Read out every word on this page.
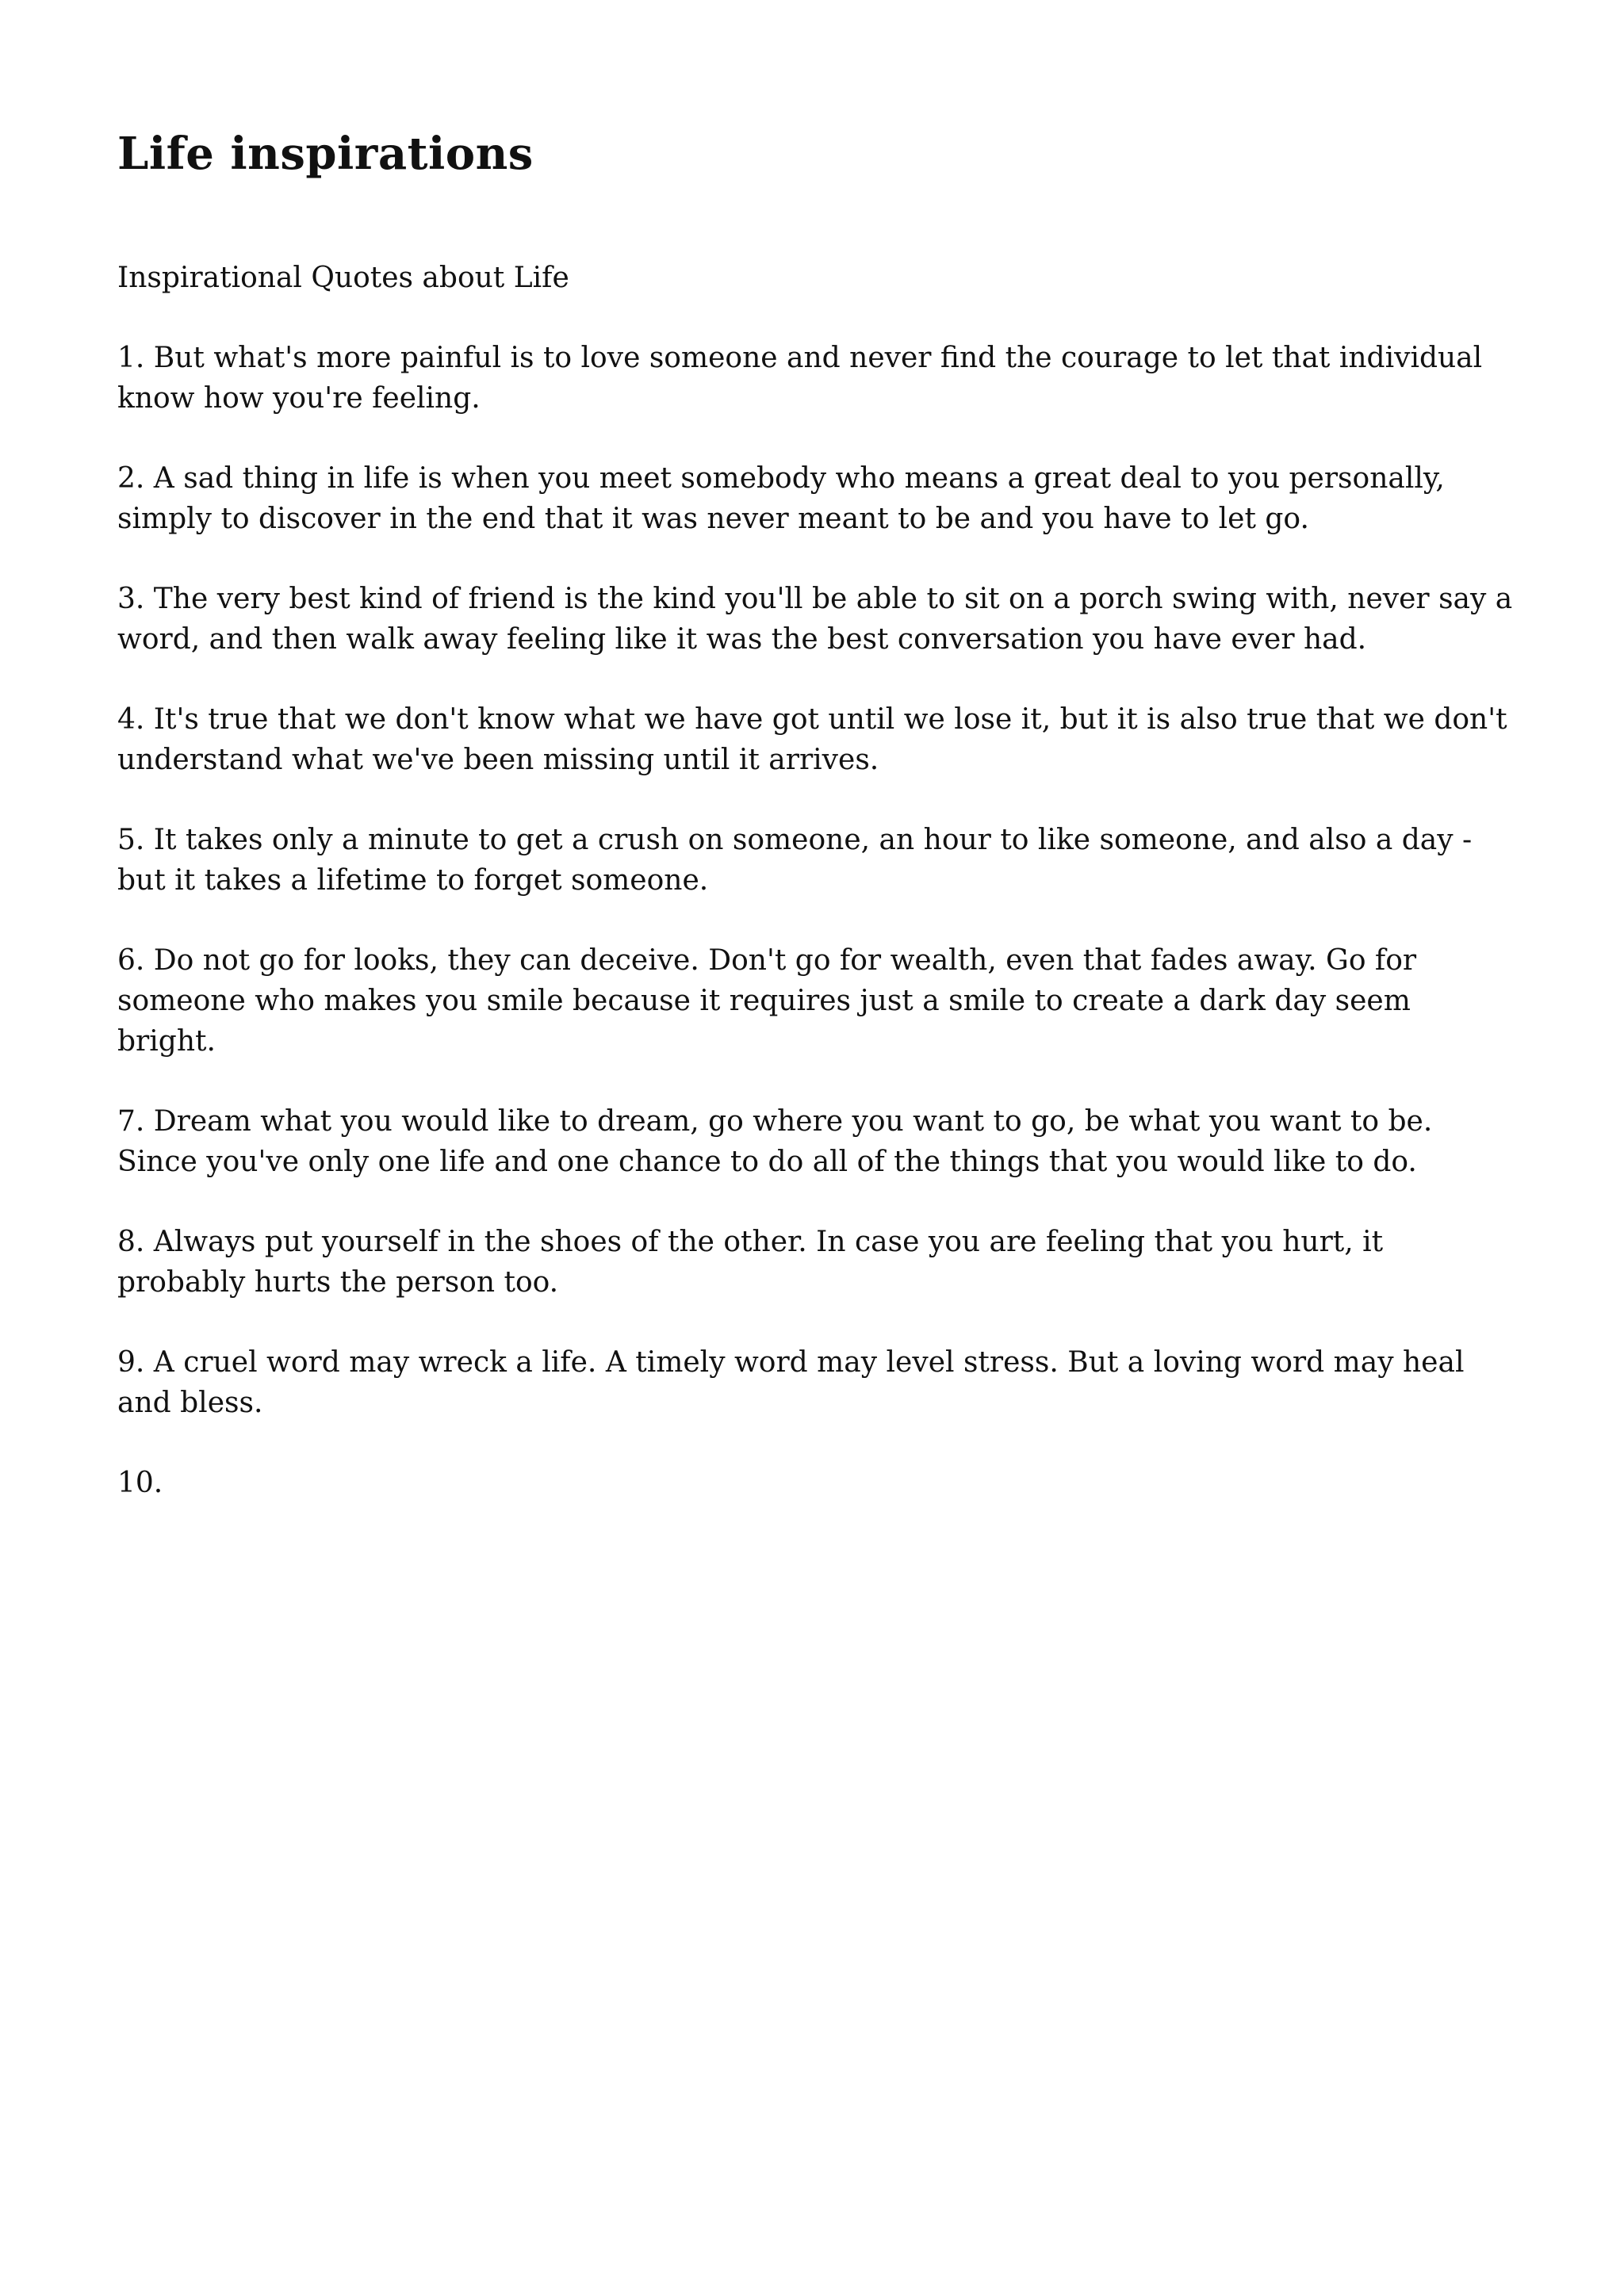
Life inspirations

Inspirational Quotes about Life

1. But what's more painful is to love someone and never find the courage to let that individual know how you're feeling.

2. A sad thing in life is when you meet somebody who means a great deal to you personally, simply to discover in the end that it was never meant to be and you have to let go.

3. The very best kind of friend is the kind you'll be able to sit on a porch swing with, never say a word, and then walk away feeling like it was the best conversation you have ever had.

4. It's true that we don't know what we have got until we lose it, but it is also true that we don't understand what we've been missing until it arrives.

5. It takes only a minute to get a crush on someone, an hour to like someone, and also a day -but it takes a lifetime to forget someone.

6. Do not go for looks, they can deceive. Don't go for wealth, even that fades away. Go for someone who makes you smile because it requires just a smile to create a dark day seem bright.

7. Dream what you would like to dream, go where you want to go, be what you want to be. Since you've only one life and one chance to do all of the things that you would like to do.

8. Always put yourself in the shoes of the other. In case you are feeling that you hurt, it probably hurts the person too.

9. A cruel word may wreck a life. A timely word may level stress. But a loving word may heal and bless.

10.
